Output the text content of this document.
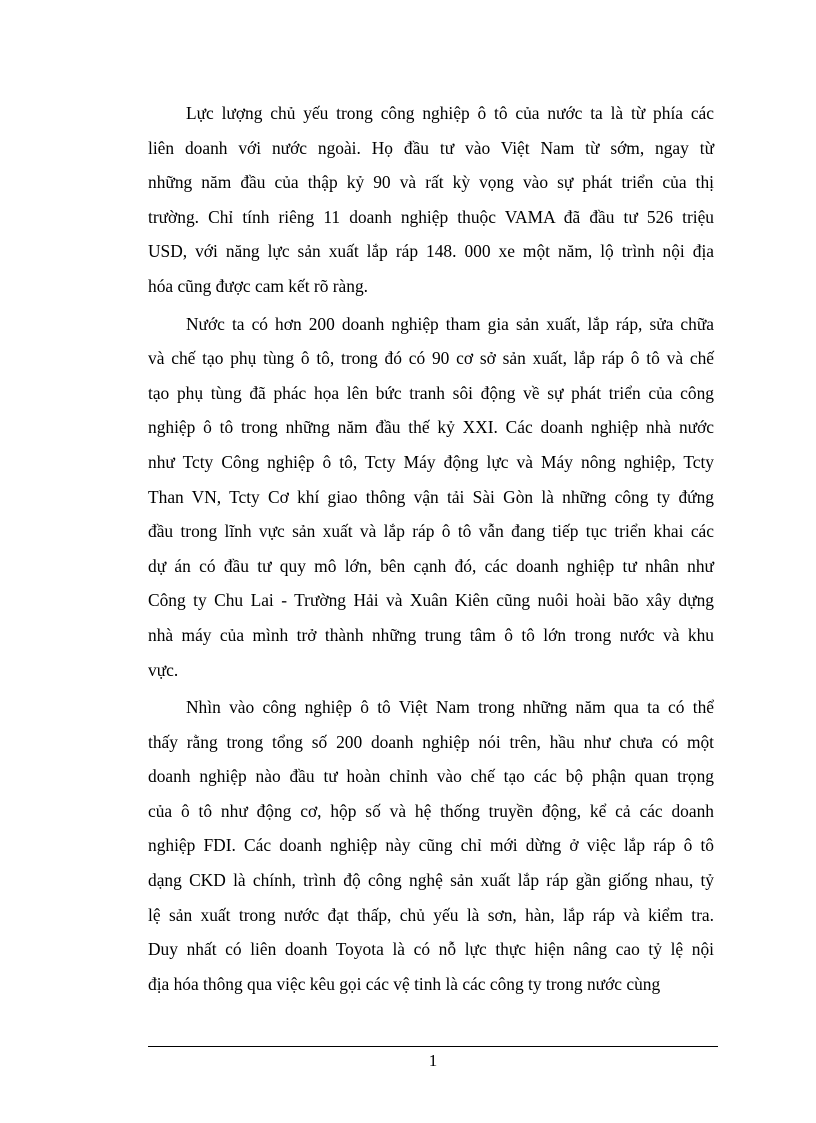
Lực lượng chủ yếu trong công nghiệp ô tô của nước ta là từ phía các
liên doanh với nước ngoài. Họ đầu tư vào Việt Nam từ sớm, ngay từ
những năm đầu của thập kỷ 90 và rất kỳ vọng vào sự phát triển của thị
trường. Chỉ tính riêng 11 doanh nghiệp thuộc VAMA đã đầu tư 526 triệu
USD, với năng lực sản xuất lắp ráp 148. 000 xe một năm, lộ trình nội địa
hóa cũng được cam kết rõ ràng.
Nước ta có hơn 200 doanh nghiệp tham gia sản xuất, lắp ráp, sửa chữa
và chế tạo phụ tùng ô tô, trong đó có 90 cơ sở sản xuất, lắp ráp ô tô và chế
tạo phụ tùng đã phác họa lên bức tranh sôi động về sự phát triển của công
nghiệp ô tô trong những năm đầu thế kỷ XXI. Các doanh nghiệp nhà nước
như Tcty Công nghiệp ô tô, Tcty Máy động lực và Máy nông nghiệp, Tcty
Than VN, Tcty Cơ khí giao thông vận tải Sài Gòn là những công ty đứng
đầu trong lĩnh vực sản xuất và lắp ráp ô tô vẫn đang tiếp tục triển khai các
dự án có đầu tư quy mô lớn, bên cạnh đó, các doanh nghiệp tư nhân như
Công ty Chu Lai - Trường Hải và Xuân Kiên cũng nuôi hoài bão xây dựng
nhà máy của mình trở thành những trung tâm ô tô lớn trong nước và khu
vực.
Nhìn vào công nghiệp ô tô Việt Nam trong những năm qua ta có thể
thấy rằng trong tổng số 200 doanh nghiệp nói trên, hầu như chưa có một
doanh nghiệp nào đầu tư hoàn chỉnh vào chế tạo các bộ phận quan trọng
của ô tô như động cơ, hộp số và hệ thống truyền động, kể cả các doanh
nghiệp FDI. Các doanh nghiệp này cũng chỉ mới dừng ở việc lắp ráp ô tô
dạng CKD là chính, trình độ công nghệ sản xuất lắp ráp gần giống nhau, tỷ
lệ sản xuất trong nước đạt thấp, chủ yếu là sơn, hàn, lắp ráp và kiểm tra.
Duy nhất có liên doanh Toyota là có nỗ lực thực hiện nâng cao tỷ lệ nội
địa hóa thông qua việc kêu gọi các vệ tinh là các công ty trong nước cùng
1
